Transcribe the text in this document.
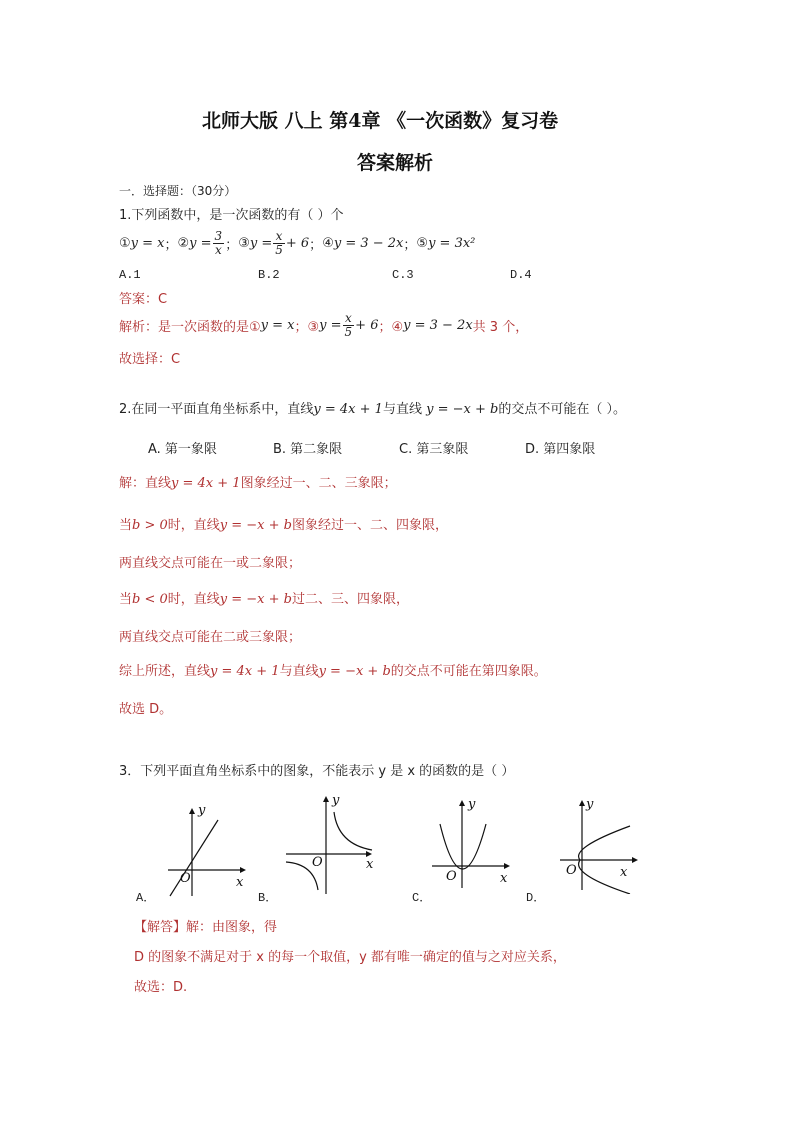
北师大版 八上 第4章 《一次函数》复习卷
答案解析
一．选择题：（30分）
1.下列函数中，是一次函数的有（ ）个
① y = x ； ② $y = \frac{3}{x}$ ； ③ $y = \frac{x}{5} + 6$ ； ④ y = 3 − 2x ； ⑤ y = 3x²
A.1	B.2	C.3	D.4
答案：C
解析：是一次函数的是① y = x ；③ $y = \frac{x}{5} + 6$ ；④ y = 3 − 2x 共 3 个，
故选择：C
2.在同一平面直角坐标系中，直线y = 4x + 1与直线 y = −x + b的交点不可能在（ ）。
A. 第一象限	B. 第二象限	C. 第三象限	D. 第四象限
解：直线y = 4x + 1图象经过一、二、三象限；
当b > 0时，直线y = −x + b图象经过一、二、四象限，
两直线交点可能在一或二象限；
当b < 0时，直线y = −x + b过二、三、四象限，
两直线交点可能在二或三象限；
综上所述，直线y = 4x + 1与直线y = −x + b的交点不可能在第四象限。
故选 D。
3．下列平面直角坐标系中的图象，不能表示 y 是 x 的函数的是（ ）
y
x
O
A．
y
x
O
B．
y
x
O
C．
y
x
O
D．
【解答】解：由图象，得
D 的图象不满足对于 x 的每一个取值，y 都有唯一确定的值与之对应关系，
故选：D.
